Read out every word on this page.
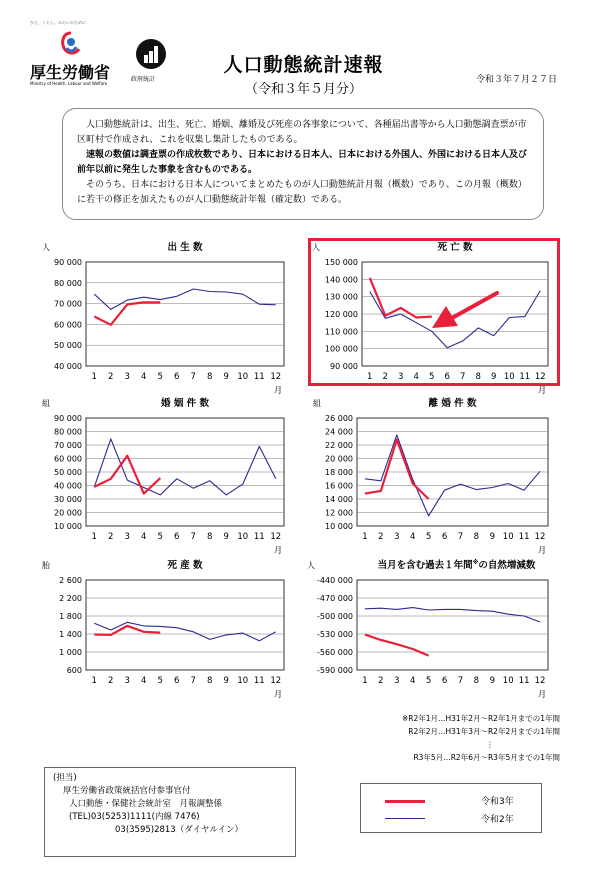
ひと、くらし、みらいのために
厚生労働省
Ministry of Health, Labour and Welfare
政府統計
人口動態統計速報
（令和３年５月分）
令和３年７月２７日

人口動態統計は、出生、死亡、婚姻、離婚及び死産の各事象について、各種届出書等から人口動態調査票が市区町村で作成され、これを収集し集計したものである。

速報の数値は調査票の作成枚数であり、日本における日本人、日本における外国人、外国における日本人及び前年以前に発生した事象を含むものである。

そのうち、日本における日本人についてまとめたものが人口動態統計月報（概数）であり、この月報（概数）に若干の修正を加えたものが人口動態統計年報（確定数）である。

40 000
50 000
60 000
70 000
80 000
90 000
1 2 3 4 5 6 7 8 9 10 11 12
月
人	出 生 数
90 000
100 000
110 000
120 000
130 000
140 000
150 000
1 2 3 4 5 6 7 8 9 10 11 12
月
人	死 亡 数
10 000
20 000
30 000
40 000
50 000
60 000
70 000
80 000
90 000
1 2 3 4 5 6 7 8 9 10 11 12
月
組	婚 姻 件 数
10 000
12 000
14 000
16 000
18 000
20 000
22 000
24 000
26 000
1 2 3 4 5 6 7 8 9 10 11 12
月
組	離 婚 件 数
600
1 000
1 400
1 800
2 200
2 600
1 2 3 4 5 6 7 8 9 10 11 12
月
胎	死 産 数
-590 000
-560 000
-530 000
-500 000
-470 000
-440 000
1 2 3 4 5 6 7 8 9 10 11 12
月
人	当月を含む過去１年間※の自然増減数
※R2年1月…H31年2月～R2年1月までの1年間
R2年2月…H31年3月～R2年2月までの1年間
⋮
R3年5月…R2年6月～R3年5月までの1年間
(担当)
厚生労働省政策統括官付参事官付
人口動態・保健社会統計室　月報調整係
(TEL)03(5253)1111(内線 7476)
03(3595)2813（ダイヤルイン）
令和3年
令和2年
